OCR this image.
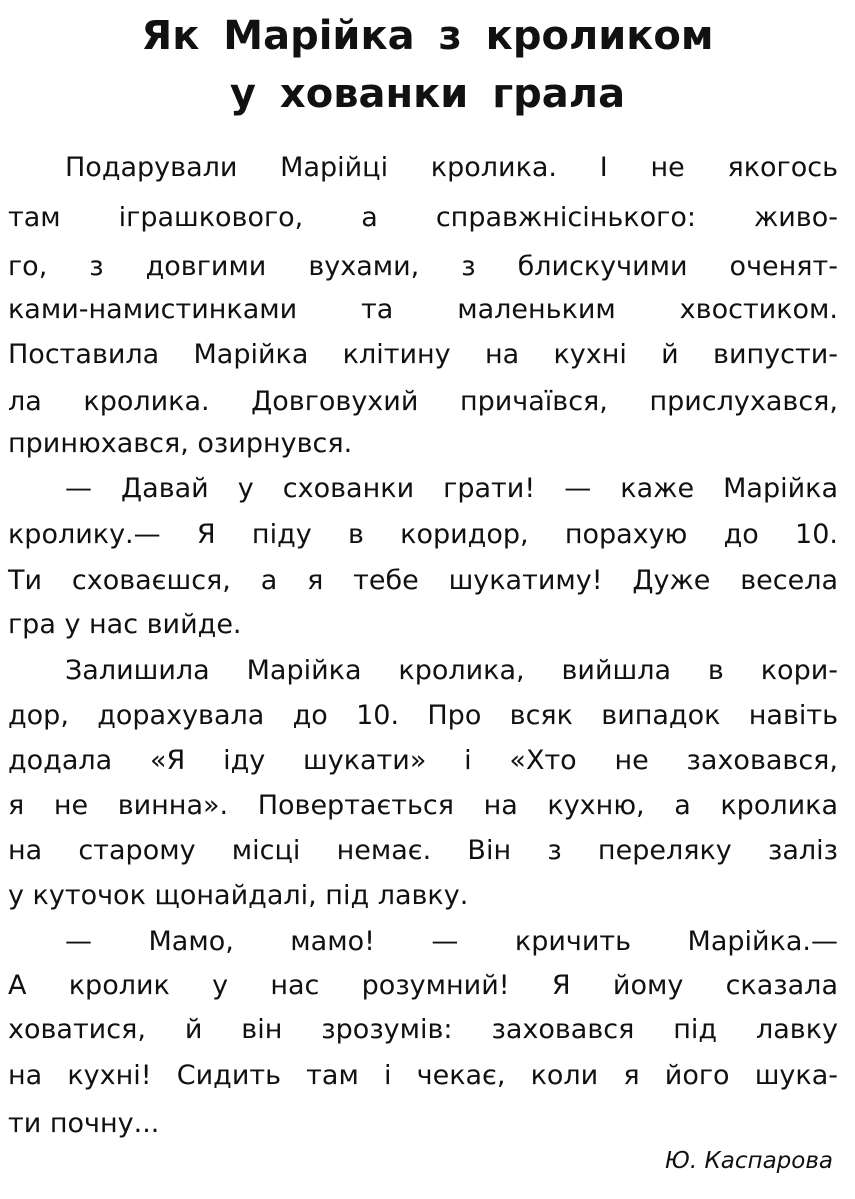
Як Марійка з кроликом
у хованки грала

Подарували Марійці кролика. І не якогось

там іграшкового, а справжнісінького: живо-

го, з довгими вухами, з блискучими оченят-

ками-намистинками та маленьким хвостиком.

Поставила Марійка клітину на кухні й випусти-

ла кролика. Довговухий причаївся, прислухався,

принюхався, озирнувся.

— Давай у схованки грати! — каже Марійка

кролику.— Я піду в коридор, порахую до 10.

Ти сховаєшся, а я тебе шукатиму! Дуже весела

гра у нас вийде.

Залишила Марійка кролика, вийшла в кори-

дор, дорахувала до 10. Про всяк випадок навіть

додала «Я іду шукати» і «Хто не заховався,

я не винна». Повертається на кухню, а кролика

на старому місці немає. Він з переляку заліз

у куточок щонайдалі, під лавку.

— Мамо, мамо! — кричить Марійка.—

А кролик у нас розумний! Я йому сказала

ховатися, й він зрозумів: заховався під лавку

на кухні! Сидить там і чекає, коли я його шука-

ти почну...

Ю. Каспарова
